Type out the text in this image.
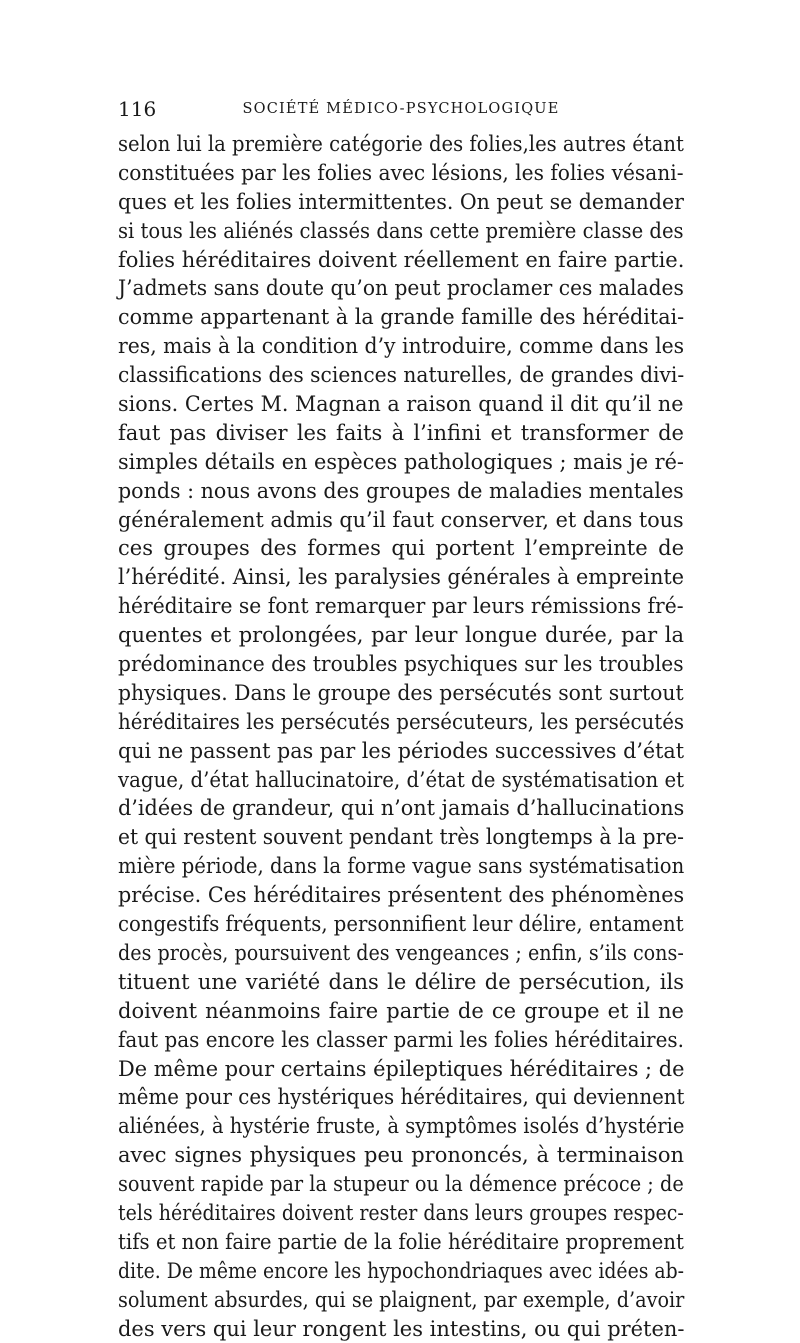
116	SOCIÉTÉ MÉDICO-PSYCHOLOGIQUE
selon lui la première catégorie des folies,les autres étant
constituées par les folies avec lésions, les folies vésani-
ques et les folies intermittentes. On peut se demander
si tous les aliénés classés dans cette première classe des
folies héréditaires doivent réellement en faire partie.
J’admets sans doute qu’on peut proclamer ces malades
comme appartenant à la grande famille des héréditai-
res, mais à la condition d’y introduire, comme dans les
classifications des sciences naturelles, de grandes divi-
sions. Certes M. Magnan a raison quand il dit qu’il ne
faut pas diviser les faits à l’infini et transformer de
simples détails en espèces pathologiques ; mais je ré-
ponds : nous avons des groupes de maladies mentales
généralement admis qu’il faut conserver, et dans tous
ces groupes des formes qui portent l’empreinte de
l’hérédité. Ainsi, les paralysies générales à empreinte
héréditaire se font remarquer par leurs rémissions fré-
quentes et prolongées, par leur longue durée, par la
prédominance des troubles psychiques sur les troubles
physiques. Dans le groupe des persécutés sont surtout
héréditaires les persécutés persécuteurs, les persécutés
qui ne passent pas par les périodes successives d’état
vague, d’état hallucinatoire, d’état de systématisation et
d’idées de grandeur, qui n’ont jamais d’hallucinations
et qui restent souvent pendant très longtemps à la pre-
mière période, dans la forme vague sans systématisation
précise. Ces héréditaires présentent des phénomènes
congestifs fréquents, personnifient leur délire, entament
des procès, poursuivent des vengeances ; enfin, s’ils cons-
tituent une variété dans le délire de persécution, ils
doivent néanmoins faire partie de ce groupe et il ne
faut pas encore les classer parmi les folies héréditaires.
De même pour certains épileptiques héréditaires ; de
même pour ces hystériques héréditaires, qui deviennent
aliénées, à hystérie fruste, à symptômes isolés d’hystérie
avec signes physiques peu prononcés, à terminaison
souvent rapide par la stupeur ou la démence précoce ; de
tels héréditaires doivent rester dans leurs groupes respec-
tifs et non faire partie de la folie héréditaire proprement
dite. De même encore les hypochondriaques avec idées ab-
solument absurdes, qui se plaignent, par exemple, d’avoir
des vers qui leur rongent les intestins, ou qui préten-
